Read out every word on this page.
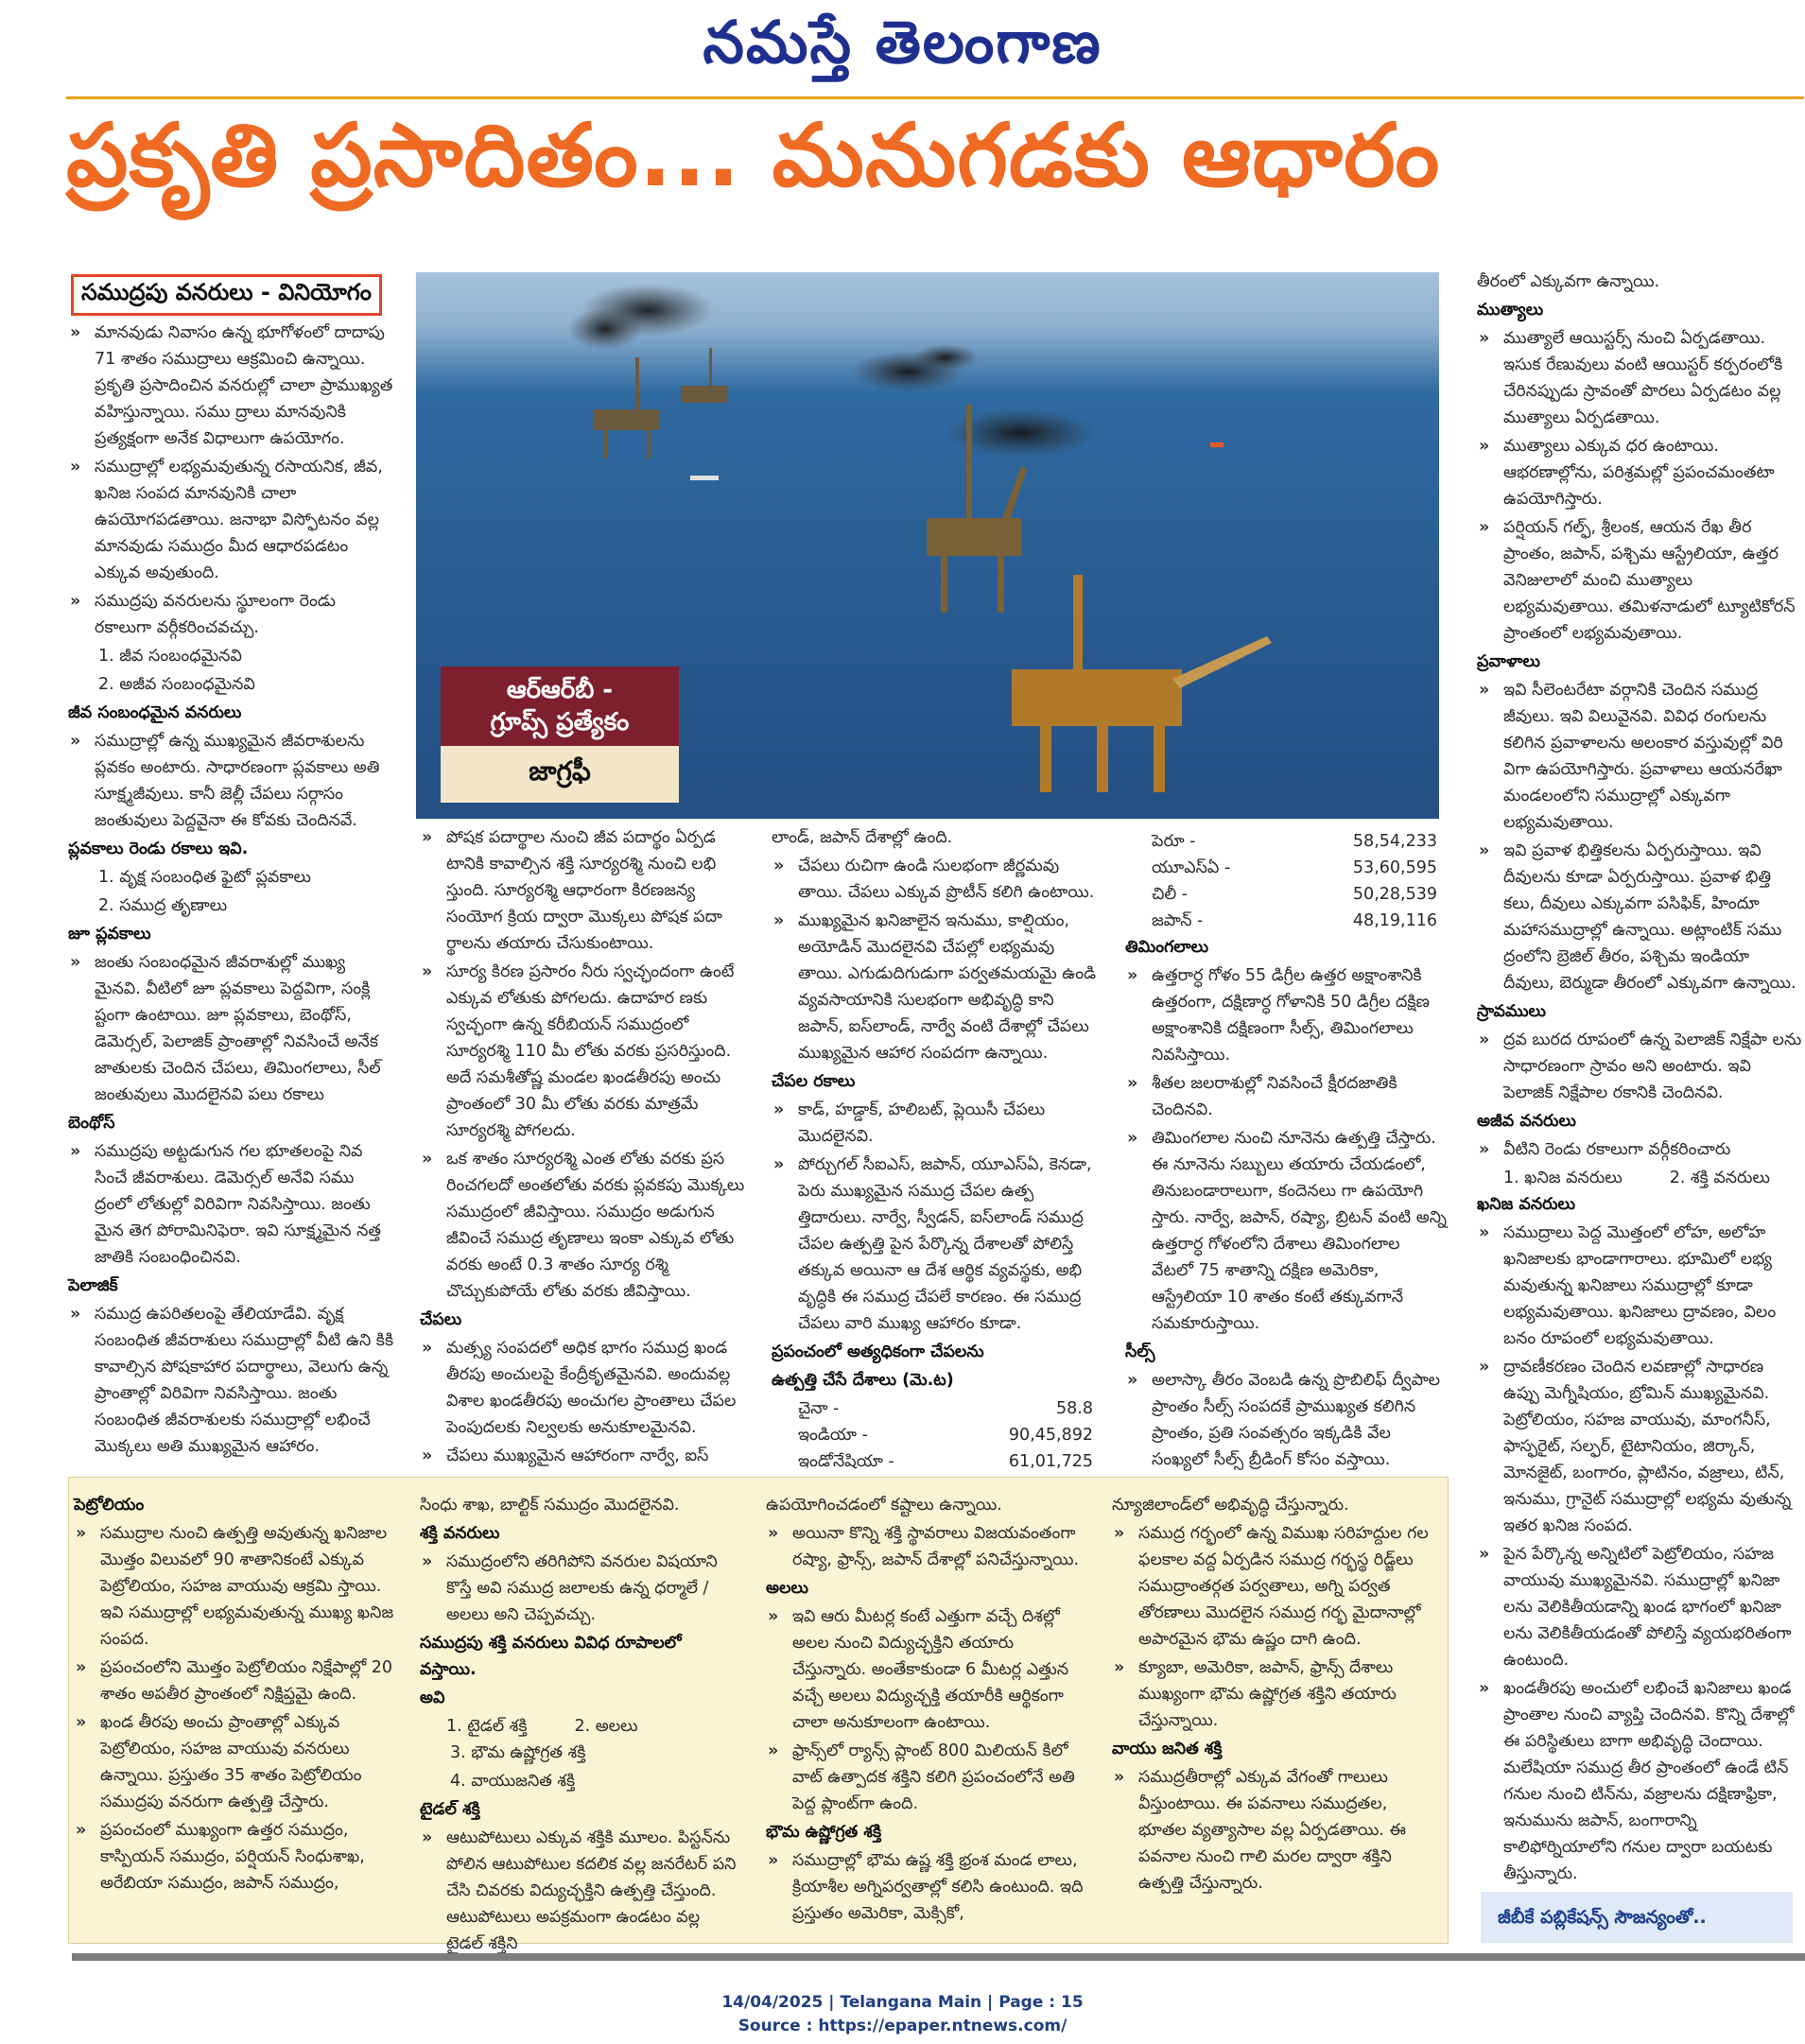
నమస్తే తెలంగాణ
ప్రకృతి ప్రసాదితం... మనుగడకు ఆధారం
సముద్రపు వనరులు - వినియోగం

» మానవుడు నివాసం ఉన్న భూగోళంలో దాదాపు 71 శాతం సముద్రాలు ఆక్రమించి ఉన్నాయి. ప్రకృతి ప్రసాదించిన వనరుల్లో చాలా ప్రాముఖ్యత వహిస్తున్నాయి. సము ద్రాలు మానవునికి ప్రత్యక్షంగా అనేక విధాలుగా ఉపయోగం.

» సముద్రాల్లో లభ్యమవుతున్న రసాయనిక, జీవ, ఖనిజ సంపద మానవునికి చాలా ఉపయోగపడతాయి. జనాభా విస్ఫోటనం వల్ల మానవుడు సముద్రం మీద ఆధారపడటం ఎక్కువ అవుతుంది.

» సముద్రపు వనరులను స్థూలంగా రెండు రకాలుగా వర్గీకరించవచ్చు.

1. జీవ సంబంధమైనవి

2. అజీవ సంబంధమైనవి

జీవ సంబంధమైన వనరులు

» సముద్రాల్లో ఉన్న ముఖ్యమైన జీవరాశులను ప్లవకం అంటారు. సాధారణంగా ప్లవకాలు అతి సూక్ష్మజీవులు. కానీ జెల్లీ చేపలు సర్గాసం జంతువులు పెద్దవైనా ఈ కోవకు చెందినవే.

ప్లవకాలు రెండు రకాలు ఇవి.

1. వృక్ష సంబంధిత ఫైటో ప్లవకాలు

2. సముద్ర తృణాలు

జూ ప్లవకాలు

» జంతు సంబంధమైన జీవరాశుల్లో ముఖ్య మైనవి. వీటిలో జూ ప్లవకాలు పెద్దవిగా, సంక్లి ష్టంగా ఉంటాయి. జూ ప్లవకాలు, బెంథోస్, డెమెర్సల్, పెలాజిక్ ప్రాంతాల్లో నివసించే అనేక జాతులకు చెందిన చేపలు, తిమింగలాలు, సీల్ జంతువులు మొదలైనవి పలు రకాలు

బెంథోస్

» సముద్రపు అట్టడుగున గల భూతలంపై నివ సించే జీవరాశులు. డెమెర్సల్ అనేవి సము ద్రంలో లోతుల్లో విరివిగా నివసిస్తాయి. జంతు మైన తెగ పోరామినిఫెరా. ఇవి సూక్ష్మమైన నత్త జాతికి సంబంధించినవి.

పెలాజిక్

» సముద్ర ఉపరితలంపై తేలియాడేవి. వృక్ష సంబంధిత జీవరాశులు సముద్రాల్లో వీటి ఉని కికి కావాల్సిన పోషకాహార పదార్థాలు, వెలుగు ఉన్న ప్రాంతాల్లో విరివిగా నివసిస్తాయి. జంతు సంబంధిత జీవరాశులకు సముద్రాల్లో లభించే మొక్కలు అతి ముఖ్యమైన ఆహారం.

ఆర్‌ఆర్‌బీ -
గ్రూప్స్ ప్రత్యేకం
జాగ్రఫీ

» పోషక పదార్థాల నుంచి జీవ పదార్థం ఏర్పడ టానికి కావాల్సిన శక్తి సూర్యరశ్మి నుంచి లభి స్తుంది. సూర్యరశ్మి ఆధారంగా కిరణజన్య సంయోగ క్రియ ద్వారా మొక్కలు పోషక పదా ర్థాలను తయారు చేసుకుంటాయి.

» సూర్య కిరణ ప్రసారం నీరు స్వచ్ఛందంగా ఉంటే ఎక్కువ లోతుకు పోగలదు. ఉదాహర ణకు స్వచ్ఛంగా ఉన్న కరీబియన్ సముద్రంలో సూర్యరశ్మి 110 మీ లోతు వరకు ప్రసరిస్తుంది. అదే సమశీతోష్ణ మండల ఖండతీరపు అంచు ప్రాంతంలో 30 మీ లోతు వరకు మాత్రమే సూర్యరశ్మి పోగలదు.

» ఒక శాతం సూర్యరశ్మి ఎంత లోతు వరకు ప్రస రించగలదో అంతలోతు వరకు ప్లవకపు మొక్కలు సముద్రంలో జీవిస్తాయి. సముద్రం అడుగున జీవించే సముద్ర తృణాలు ఇంకా ఎక్కువ లోతు వరకు అంటే 0.3 శాతం సూర్య రశ్మి చొచ్చుకుపోయే లోతు వరకు జీవిస్తాయి.

చేపలు

» మత్స్య సంపదలో అధిక భాగం సముద్ర ఖండ తీరపు అంచులపై కేంద్రీకృతమైనవి. అందువల్ల విశాల ఖండతీరపు అంచుగల ప్రాంతాలు చేపల పెంపుదలకు నిల్వలకు అనుకూలమైనవి.

» చేపలు ముఖ్యమైన ఆహారంగా నార్వే, ఐస్

లాండ్, జపాన్ దేశాల్లో ఉంది.

» చేపలు రుచిగా ఉండి సులభంగా జీర్ణమవు తాయి. చేపలు ఎక్కువ ప్రొటీన్ కలిగి ఉంటాయి.

» ముఖ్యమైన ఖనిజాలైన ఇనుము, కాల్షియం, అయోడిన్ మొదలైనవి చేపల్లో లభ్యమవు తాయి. ఎగుడుదిగుడుగా పర్వతమయమై ఉండి వ్యవసాయానికి సులభంగా అభివృద్ధి కాని జపాన్, ఐస్‌లాండ్, నార్వే వంటి దేశాల్లో చేపలు ముఖ్యమైన ఆహార సంపదగా ఉన్నాయి.

చేపల రకాలు

» కాడ్, హడ్డాక్, హలిబట్, ప్లెయిసీ చేపలు మొదలైనవి.

» పోర్చుగల్ సీఐఎస్, జపాన్, యూఎస్ఏ, కెనడా, పెరు ముఖ్యమైన సముద్ర చేపల ఉత్ప త్తిదారులు. నార్వే, స్వీడన్, ఐస్‌లాండ్ సముద్ర చేపల ఉత్పత్తి పైన పేర్కొన్న దేశాలతో పోలిస్తే తక్కువ అయినా ఆ దేశ ఆర్థిక వ్యవస్థకు, అభి వృద్ధికి ఈ సముద్ర చేపలే కారణం. ఈ సముద్ర చేపలు వారి ముఖ్య ఆహారం కూడా.

ప్రపంచంలో అత్యధికంగా చేపలను

ఉత్పత్తి చేసే దేశాలు (మె.ట)

చైనా -	58.8
ఇండియా -	90,45,892
ఇండోనేషియా -	61,01,725
పెరూ -	58,54,233
యూఎస్ఏ -	53,60,595
చిలీ -	50,28,539
జపాన్ -	48,19,116

తిమింగలాలు

» ఉత్తరార్ధ గోళం 55 డిగ్రీల ఉత్తర అక్షాంశానికి ఉత్తరంగా, దక్షిణార్ధ గోళానికి 50 డిగ్రీల దక్షిణ అక్షాంశానికి దక్షిణంగా సీల్స్, తిమింగలాలు నివసిస్తాయి.

» శీతల జలరాశుల్లో నివసించే క్షీరదజాతికి చెందినవి.

» తిమింగలాల నుంచి నూనెను ఉత్పత్తి చేస్తారు. ఈ నూనెను సబ్బులు తయారు చేయడంలో, తినుబండారాలుగా, కందెనలు గా ఉపయోగి స్తారు. నార్వే, జపాన్, రష్యా, బ్రిటన్ వంటి అన్ని ఉత్తరార్ధ గోళంలోని దేశాలు తిమింగలాల వేటలో 75 శాతాన్ని దక్షిణ అమెరికా, ఆస్ట్రేలియా 10 శాతం కంటే తక్కువగానే సమకూరుస్తాయి.

సీల్స్

» అలాస్కా తీరం వెంబడి ఉన్న ప్రొబిలిఫ్ ద్వీపాల ప్రాంతం సీల్స్ సంపదకే ప్రాముఖ్యత కలిగిన ప్రాంతం, ప్రతి సంవత్సరం ఇక్కడికి వేల సంఖ్యలో సీల్స్ బ్రీడింగ్ కోసం వస్తాయి.

తీరంలో ఎక్కువగా ఉన్నాయి.

ముత్యాలు

» ముత్యాలే ఆయిస్టర్స్ నుంచి ఏర్పడతాయి. ఇసుక రేణువులు వంటి ఆయిస్టర్ కర్పరంలోకి చేరినప్పుడు స్రావంతో పొరలు ఏర్పడటం వల్ల ముత్యాలు ఏర్పడతాయి.

» ముత్యాలు ఎక్కువ ధర ఉంటాయి. ఆభరణాల్లోను, పరిశ్రమల్లో ప్రపంచమంతటా ఉపయోగిస్తారు.

» పర్షియన్ గల్ఫ్, శ్రీలంక, ఆయన రేఖ తీర ప్రాంతం, జపాన్, పశ్చిమ ఆస్ట్రేలియా, ఉత్తర వెనిజులాలో మంచి ముత్యాలు లభ్యమవుతాయి. తమిళనాడులో ట్యూటికోరన్ ప్రాంతంలో లభ్యమవుతాయి.

ప్రవాళాలు

» ఇవి సీలెంటరేటా వర్గానికి చెందిన సముద్ర జీవులు. ఇవి విలువైనవి. వివిధ రంగులను కలిగిన ప్రవాళాలను అలంకార వస్తువుల్లో విరి విగా ఉపయోగిస్తారు. ప్రవాళాలు ఆయనరేఖా మండలంలోని సముద్రాల్లో ఎక్కువగా లభ్యమవుతాయి.

» ఇవి ప్రవాళ భిత్తికలను ఏర్పరుస్తాయి. ఇవి దీవులను కూడా ఏర్పరుస్తాయి. ప్రవాళ భిత్తి కలు, దీవులు ఎక్కువగా పసిఫిక్, హిందూ మహాసముద్రాల్లో ఉన్నాయి. అట్లాంటిక్ సము ద్రంలోని బ్రెజిల్ తీరం, పశ్చిమ ఇండియా దీవులు, బెర్ముడా తీరంలో ఎక్కువగా ఉన్నాయి.

స్రావములు

» ద్రవ బురద రూపంలో ఉన్న పెలాజిక్ నిక్షేపా లను సాధారణంగా స్రావం అని అంటారు. ఇవి పెలాజిక్ నిక్షేపాల రకానికి చెందినవి.

అజీవ వనరులు

» వీటిని రెండు రకాలుగా వర్గీకరించారు

1. ఖనిజ వనరులు	2. శక్తి వనరులు

ఖనిజ వనరులు

» సముద్రాలు పెద్ద మొత్తంలో లోహ, అలోహ ఖనిజాలకు భాండాగారాలు. భూమిలో లభ్య మవుతున్న ఖనిజాలు సముద్రాల్లో కూడా లభ్యమవుతాయి. ఖనిజాలు ద్రావణం, విలం బనం రూపంలో లభ్యమవుతాయి.

» ద్రావణీకరణం చెందిన లవణాల్లో సాధారణ ఉప్పు మెగ్నీషియం, బ్రోమిన్ ముఖ్యమైనవి. పెట్రోలియం, సహజ వాయువు, మాంగనీస్, ఫాస్ఫరైట్, సల్ఫర్, టైటానియం, జిర్కాన్, మోనజైట్, బంగారం, ప్లాటినం, వజ్రాలు, టిన్, ఇనుము, గ్రానైట్ సముద్రాల్లో లభ్యమ వుతున్న ఇతర ఖనిజ సంపద.

» పైన పేర్కొన్న అన్నిటిలో పెట్రోలియం, సహజ వాయువు ముఖ్యమైనవి. సముద్రాల్లో ఖనిజా లను వెలికితీయడాన్ని ఖండ భాగంలో ఖనిజా లను వెలికితీయడంతో పోలిస్తే వ్యయభరితంగా ఉంటుంది.

» ఖండతీరపు అంచులో లభించే ఖనిజాలు ఖండ ప్రాంతాల నుంచి వ్యాప్తి చెందినవి. కొన్ని దేశాల్లో ఈ పరిస్థితులు బాగా అభివృద్ధి చెందాయి. మలేషియా సముద్ర తీర ప్రాంతంలో ఉండే టిన్ గనుల నుంచి టిన్‌ను, వజ్రాలను దక్షిణాఫ్రికా, ఇనుమును జపాన్, బంగారాన్ని కాలిఫోర్నియాలోని గనుల ద్వారా బయటకు తీస్తున్నారు.

పెట్రోలియం

» సముద్రాల నుంచి ఉత్పత్తి అవుతున్న ఖనిజాల మొత్తం విలువలో 90 శాతానికంటే ఎక్కువ పెట్రోలియం, సహజ వాయువు ఆక్రమి స్తాయి. ఇవి సముద్రాల్లో లభ్యమవుతున్న ముఖ్య ఖనిజ సంపద.

» ప్రపంచంలోని మొత్తం పెట్రోలియం నిక్షేపాల్లో 20 శాతం అపతీర ప్రాంతంలో నిక్షిప్తమై ఉంది.

» ఖండ తీరపు అంచు ప్రాంతాల్లో ఎక్కువ పెట్రోలియం, సహజ వాయువు వనరులు ఉన్నాయి. ప్రస్తుతం 35 శాతం పెట్రోలియం సముద్రపు వనరుగా ఉత్పత్తి చేస్తారు.

» ప్రపంచంలో ముఖ్యంగా ఉత్తర సముద్రం, కాస్పియన్ సముద్రం, పర్షియన్ సింధుశాఖ, అరేబియా సముద్రం, జపాన్ సముద్రం,

సింధు శాఖ, బాల్టిక్ సముద్రం మొదలైనవి.

శక్తి వనరులు

» సముద్రంలోని తరిగిపోని వనరుల విషయాని కొస్తే అవి సముద్ర జలాలకు ఉన్న ధర్మాలే / అలలు అని చెప్పవచ్చు.

సముద్రపు శక్తి వనరులు వివిధ రూపాలలో వస్తాయి.

అవి

1. టైడల్ శక్తి	2. అలలు

3. భౌమ ఉష్ణోగ్రత శక్తి

4. వాయుజనిత శక్తి

టైడల్ శక్తి

» ఆటుపోటులు ఎక్కువ శక్తికి మూలం. పిస్టన్‌ను పోలిన ఆటుపోటుల కదలిక వల్ల జనరేటర్ పని చేసి చివరకు విద్యుచ్ఛక్తిని ఉత్పత్తి చేస్తుంది. ఆటుపోటులు అపక్రమంగా ఉండటం వల్ల టైడల్ శక్తిని

ఉపయోగించడంలో కష్టాలు ఉన్నాయి.

» అయినా కొన్ని శక్తి స్థావరాలు విజయవంతంగా రష్యా, ఫ్రాన్స్, జపాన్ దేశాల్లో పనిచేస్తున్నాయి.

అలలు

» ఇవి ఆరు మీటర్ల కంటే ఎత్తుగా వచ్చే దిశల్లో అలల నుంచి విద్యుచ్ఛక్తిని తయారు చేస్తున్నారు. అంతేకాకుండా 6 మీటర్ల ఎత్తున వచ్చే అలలు విద్యుచ్ఛక్తి తయారీకి ఆర్థికంగా చాలా అనుకూలంగా ఉంటాయి.

» ఫ్రాన్స్‌లో ర్యాన్స్ ప్లాంట్ 800 మిలియన్ కిలో వాట్ ఉత్పాదక శక్తిని కలిగి ప్రపంచంలోనే అతి పెద్ద ప్లాంట్‌గా ఉంది.

భౌమ ఉష్ణోగ్రత శక్తి

» సముద్రాల్లో భౌమ ఉష్ణ శక్తి భ్రంశ మండ లాలు, క్రియాశీల అగ్నిపర్వతాల్లో కలిసి ఉంటుంది. ఇది ప్రస్తుతం అమెరికా, మెక్సికో,

న్యూజిలాండ్‌లో అభివృద్ధి చేస్తున్నారు.

» సముద్ర గర్భంలో ఉన్న విముఖ సరిహద్దుల గల ఫలకాల వద్ద ఏర్పడిన సముద్ర గర్భస్థ రిడ్జ్‌లు సముద్రాంతర్గత పర్వతాలు, అగ్ని పర్వత తోరణాలు మొదలైన సముద్ర గర్భ మైదానాల్లో అపారమైన భౌమ ఉష్ణం దాగి ఉంది.

» క్యూబా, అమెరికా, జపాన్, ఫ్రాన్స్ దేశాలు ముఖ్యంగా భౌమ ఉష్ణోగ్రత శక్తిని తయారు చేస్తున్నాయి.

వాయు జనిత శక్తి

» సముద్రతీరాల్లో ఎక్కువ వేగంతో గాలులు వీస్తుంటాయి. ఈ పవనాలు సముద్రతల, భూతల వ్యత్యాసాల వల్ల ఏర్పడతాయి. ఈ పవనాల నుంచి గాలి మరల ద్వారా శక్తిని ఉత్పత్తి చేస్తున్నారు.

జీబీకే పబ్లికేషన్స్ సౌజన్యంతో..
14/04/2025 | Telangana Main | Page : 15
Source : https://epaper.ntnews.com/
